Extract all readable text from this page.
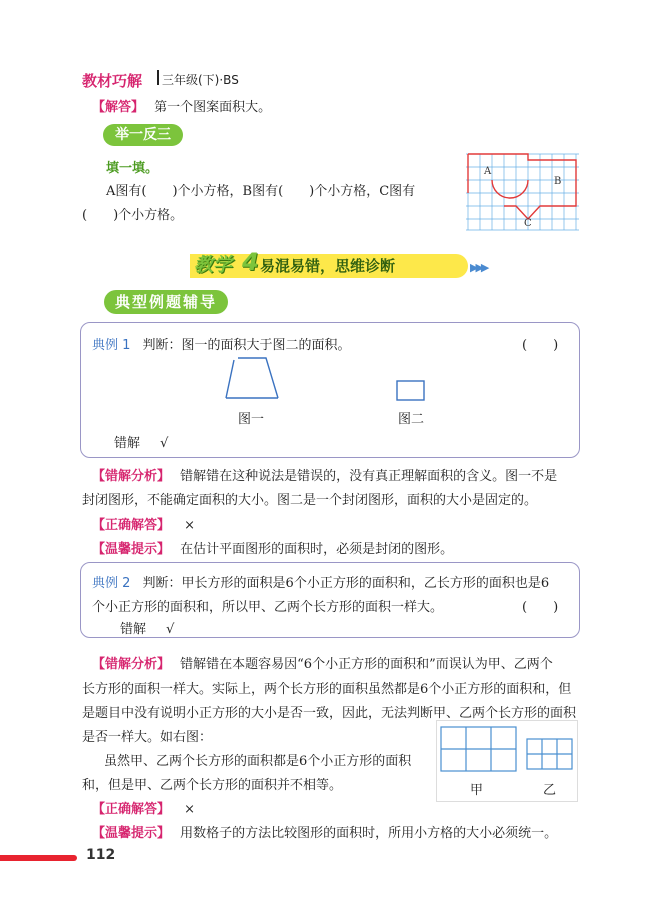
教材巧解 三年级(下)·BS
【解答】 第一个图案面积大。
举一反三
填一填。
A图有(　　)个小方格，B图有(　　)个小方格，C图有
(　　)个小方格。
A
B
C
教学 4 易混易错，思维诊断	▶▶▶
典型例题辅导
典例 1 判断：图一的面积大于图二的面积。	(　　)
图一	图二
错解 √
【错解分析】 错解错在这种说法是错误的，没有真正理解面积的含义。图一不是
封闭图形，不能确定面积的大小。图二是一个封闭图形，面积的大小是固定的。
【正确解答】 ×
【温馨提示】 在估计平面图形的面积时，必须是封闭的图形。
典例 2 判断：甲长方形的面积是6个小正方形的面积和，乙长方形的面积也是6
个小正方形的面积和，所以甲、乙两个长方形的面积一样大。	(　　)
错解 √
【错解分析】 错解错在本题容易因“6个小正方形的面积和”而误认为甲、乙两个
长方形的面积一样大。实际上，两个长方形的面积虽然都是6个小正方形的面积和，但
是题目中没有说明小正方形的大小是否一致，因此，无法判断甲、乙两个长方形的面积
是否一样大。如右图：
虽然甲、乙两个长方形的面积都是6个小正方形的面积
和，但是甲、乙两个长方形的面积并不相等。	甲	乙
【正确解答】 ×
【温馨提示】 用数格子的方法比较图形的面积时，所用小方格的大小必须统一。
112
